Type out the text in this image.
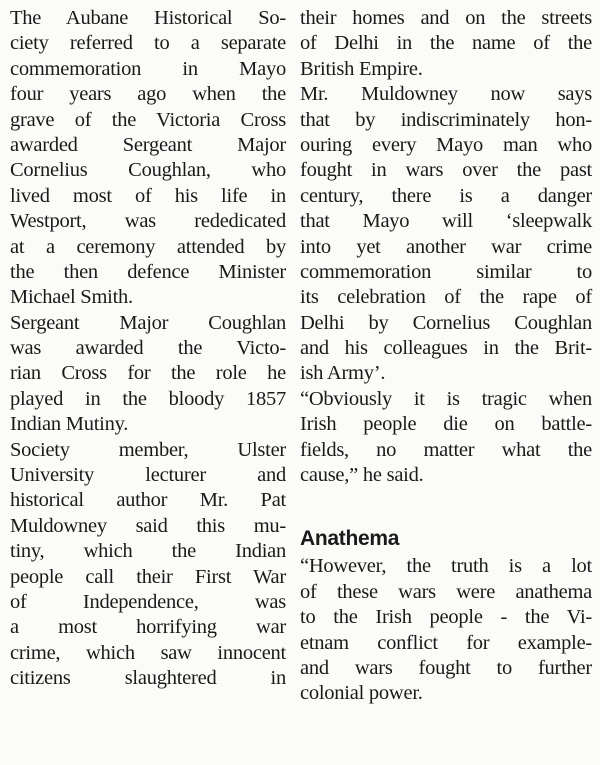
The Aubane Historical So-
ciety referred to a separate
commemoration in Mayo
four years ago when the
grave of the Victoria Cross
awarded Sergeant Major
Cornelius Coughlan, who
lived most of his life in
Westport, was rededicated
at a ceremony attended by
the then defence Minister
Michael Smith.
Sergeant Major Coughlan
was awarded the Victo-
rian Cross for the role he
played in the bloody 1857
Indian Mutiny.
Society member, Ulster
University lecturer and
historical author Mr. Pat
Muldowney said this mu-
tiny, which the Indian
people call their First War
of Independence, was
a most horrifying war
crime, which saw innocent
citizens slaughtered in
their homes and on the streets
of Delhi in the name of the
British Empire.
Mr. Muldowney now says
that by indiscriminately hon-
ouring every Mayo man who
fought in wars over the past
century, there is a danger
that Mayo will ‘sleepwalk
into yet another war crime
commemoration similar to
its celebration of the rape of
Delhi by Cornelius Coughlan
and his colleagues in the Brit-
ish Army’.
“Obviously it is tragic when
Irish people die on battle-
fields, no matter what the
cause,” he said.
Anathema
“However, the truth is a lot
of these wars were anathema
to the Irish people - the Vi-
etnam conflict for example-
and wars fought to further
colonial power.
